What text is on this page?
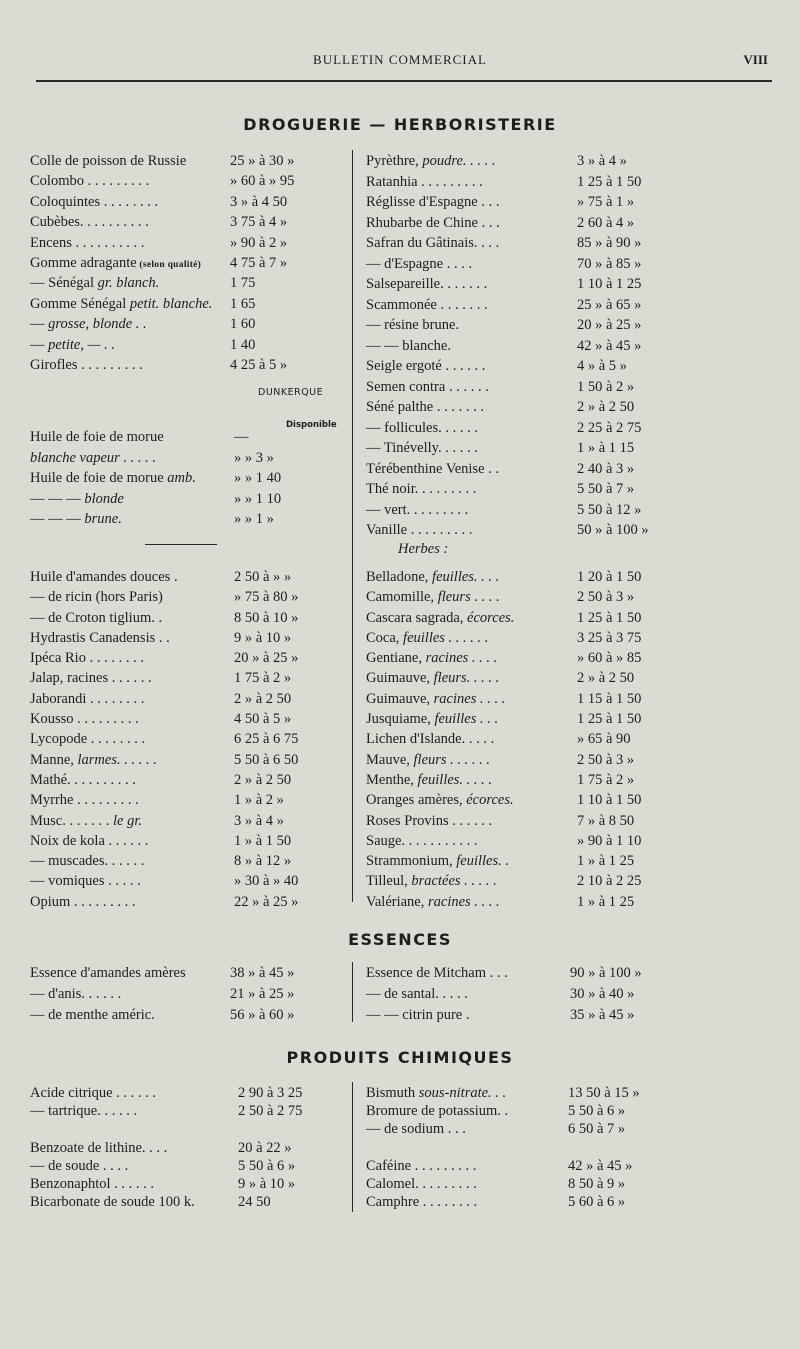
BULLETIN COMMERCIAL	VIII
DROGUERIE — HERBORISTERIE
Colle de poisson de Russie	25 » à 30 »
Colombo . . . . . . . . .	» 60 à » 95
Coloquintes . . . . . . . .	3 » à 4 50
Cubèbes. . . . . . . . . .	3 75 à 4 »
Encens . . . . . . . . . .	» 90 à 2 »
Gomme adragante (selon qualité) 4 75 à 7 »
— Sénégal gr. blanch.	1 75
Gomme Sénégal petit. blanche. 1 65
— grosse, blonde . .	1 60
— petite, — . .	1 40
Girofles . . . . . . . . .	4 25 à 5 »
DUNKERQUE
Disponible
Huile de foie de morue	—
blanche vapeur . . . . .	» » 3 »
Huile de foie de morue amb.	» » 1 40
— — — blonde	» » 1 10
— — — brune.	» » 1 »
Huile d'amandes douces .	2 50 à » »
— de ricin (hors Paris)	» 75 à 80 »
— de Croton tiglium. .	8 50 à 10 »
Hydrastis Canadensis . .	9 » à 10 »
Ipéca Rio . . . . . . . .	20 » à 25 »
Jalap, racines . . . . . .	1 75 à 2 »
Jaborandi . . . . . . . .	2 » à 2 50
Kousso . . . . . . . . .	4 50 à 5 »
Lycopode . . . . . . . .	6 25 à 6 75
Manne, larmes. . . . . .	5 50 à 6 50
Mathé. . . . . . . . . .	2 » à 2 50
Myrrhe . . . . . . . . .	1 » à 2 »
Musc. . . . . . . le gr.	3 » à 4 »
Noix de kola . . . . . .	1 » à 1 50
— muscades. . . . . .	8 » à 12 »
— vomiques . . . . .	» 30 à » 40
Opium . . . . . . . . .	22 » à 25 »
Pyrèthre, poudre. . . . .	3 » à 4 »
Ratanhia . . . . . . . . .	1 25 à 1 50
Réglisse d'Espagne . . .	» 75 à 1 »
Rhubarbe de Chine . . .	2 60 à 4 »
Safran du Gâtinais. . . .	85 » à 90 »
— d'Espagne . . . .	70 » à 85 »
Salsepareille. . . . . . .	1 10 à 1 25
Scammonée . . . . . . .	25 » à 65 »
— résine brune.	20 » à 25 »
— — blanche.	42 » à 45 »
Seigle ergoté . . . . . .	4 » à 5 »
Semen contra . . . . . .	1 50 à 2 »
Séné palthe . . . . . . .	2 » à 2 50
— follicules. . . . . .	2 25 à 2 75
— Tinévelly. . . . . .	1 » à 1 15
Térébenthine Venise . .	2 40 à 3 »
Thé noir. . . . . . . . .	5 50 à 7 »
— vert. . . . . . . . .	5 50 à 12 »
Vanille . . . . . . . . .	50 » à 100 »
Herbes :
Belladone, feuilles. . . .	1 20 à 1 50
Camomille, fleurs . . . .	2 50 à 3 »
Cascara sagrada, écorces.	1 25 à 1 50
Coca, feuilles . . . . . .	3 25 à 3 75
Gentiane, racines . . . .	» 60 à » 85
Guimauve, fleurs. . . . .	2 » à 2 50
Guimauve, racines . . . .	1 15 à 1 50
Jusquiame, feuilles . . .	1 25 à 1 50
Lichen d'Islande. . . . .	» 65 à 90
Mauve, fleurs . . . . . .	2 50 à 3 »
Menthe, feuilles. . . . .	1 75 à 2 »
Oranges amères, écorces.	1 10 à 1 50
Roses Provins . . . . . .	7 » à 8 50
Sauge. . . . . . . . . . .	» 90 à 1 10
Strammonium, feuilles. .	1 » à 1 25
Tilleul, bractées . . . . .	2 10 à 2 25
Valériane, racines . . . .	1 » à 1 25
ESSENCES
Essence d'amandes amères	38 » à 45 »
— d'anis. . . . . .	21 » à 25 »
— de menthe améric.	56 » à 60 »
Essence de Mitcham . . .	90 » à 100 »
— de santal. . . . .	30 » à 40 »
— — citrin pure .	35 » à 45 »
PRODUITS CHIMIQUES
Acide citrique . . . . . .	2 90 à 3 25
— tartrique. . . . . .	2 50 à 2 75
Benzoate de lithine. . . .	20 à 22 »
— de soude . . . .	5 50 à 6 »
Benzonaphtol . . . . . .	9 » à 10 »
Bicarbonate de soude 100 k.	24 50
Bismuth sous-nitrate. . .	13 50 à 15 »
Bromure de potassium. .	5 50 à 6 »
— de sodium . . .	6 50 à 7 »
Caféine . . . . . . . . .	42 » à 45 »
Calomel. . . . . . . . .	8 50 à 9 »
Camphre . . . . . . . .	5 60 à 6 »
